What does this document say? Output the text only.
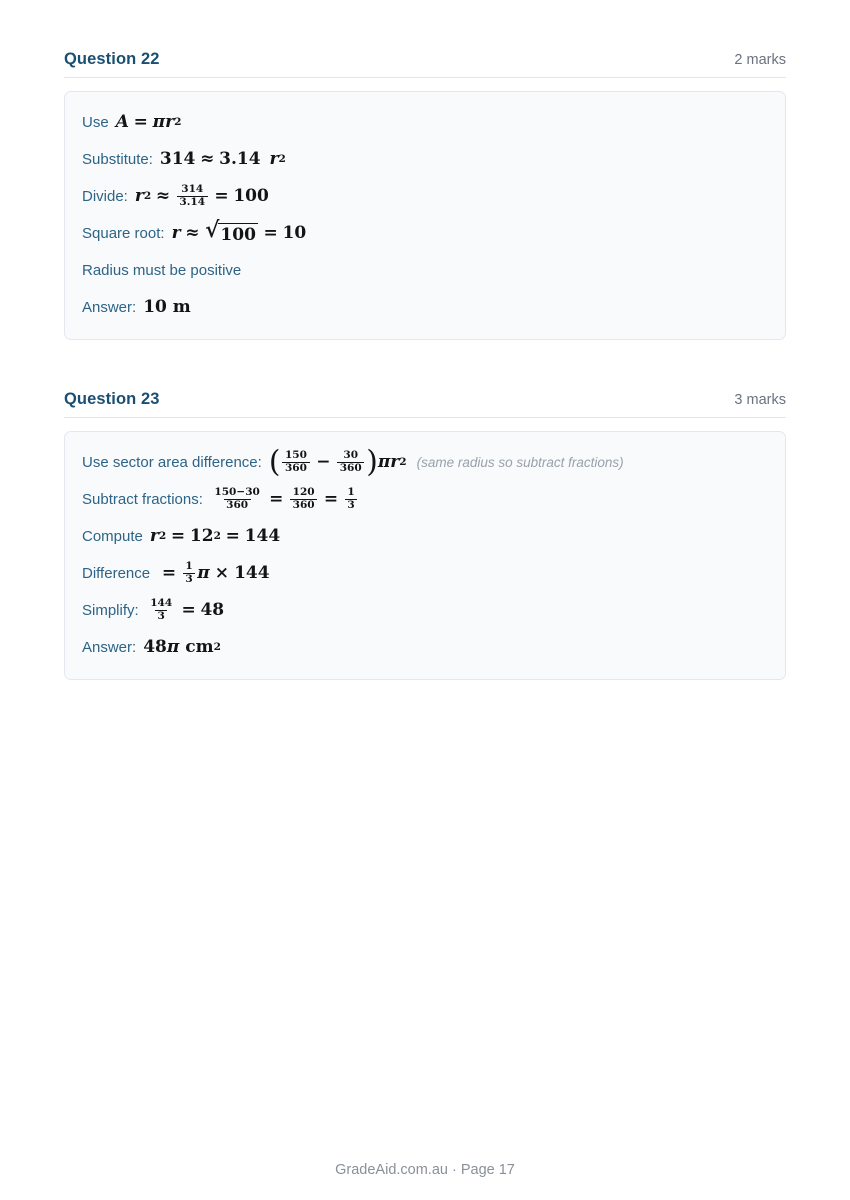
Question 22	2 marks
Use A = π r 2
Substitute: 314 ≈ 3.14
r 2
Divide: r $2 \approx \frac{314}{3.14} = 100$
Square root: r ≈ √ 100 = 10
Radius must be positive
Answer: 10 m
Question 23	3 marks
Use sector area difference: ( $\frac{150}{360} - \frac{30}{360}$ ) π r 2 (same radius so subtract fractions)
Subtract fractions: $\frac{150-30}{360} = \frac{120}{360} = \frac{1}{3}$
Compute r 2 = 12 2 = 144
Difference = $\frac{1}{3}$ π × 144
Simplify: $\frac{144}{3} = 48$
Answer: 48 π cm 2
GradeAid.com.au · Page 17
